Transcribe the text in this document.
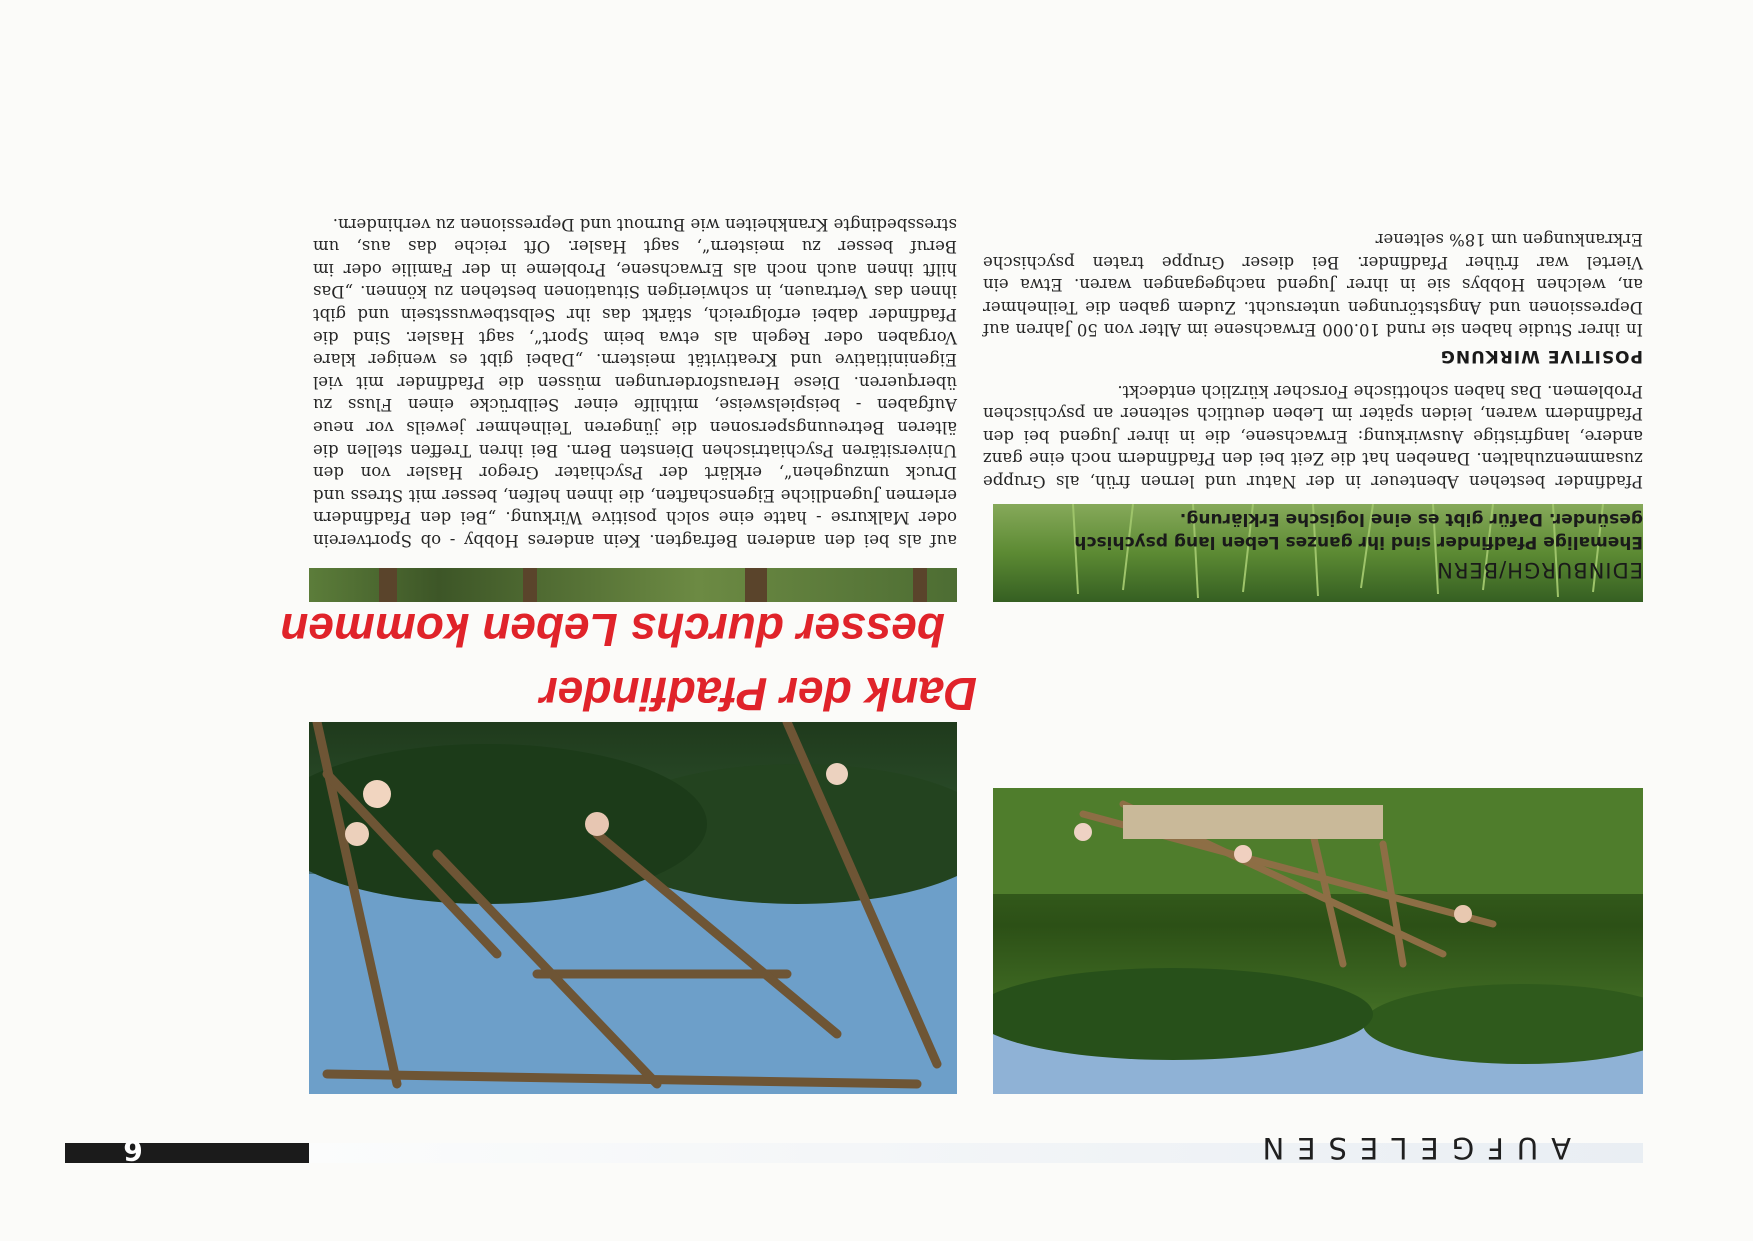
AUFGELESEN
6
Dank der Pfadfinder
besser durchs Leben kommen
EDINBURGH/BERN
Ehemalige Pfadfinder sind ihr ganzes Leben lang psychisch gesünder. Dafür gibt es eine logische Erklärung.

Pfadfinder bestehen Abenteuer in der Natur und lernen früh, als Gruppe zusammenzuhalten. Daneben hat die Zeit bei den Pfadfindern noch eine ganz andere, langfristige Auswirkung: Erwachsene, die in ihrer Jugend bei den Pfadfindern waren, leiden später im Leben deutlich seltener an psychischen Problemen. Das haben schottische Forscher kürzlich entdeckt.

POSITIVE WIRKUNG

In ihrer Studie haben sie rund 10.000 Erwachsene im Alter von 50 Jahren auf Depressionen und Angststörungen untersucht. Zudem gaben die Teilnehmer an, welchen Hobbys sie in ihrer Jugend nachgegangen waren. Etwa ein Viertel war früher Pfadfinder. Bei dieser Gruppe traten psychische Erkrankungen um 18% seltener

auf als bei den anderen Befragten. Kein anderes Hobby - ob Sportverein oder Malkurse - hatte eine solch positive Wirkung. „Bei den Pfadfindern erlernen Jugendliche Eigenschaften, die ihnen helfen, besser mit Stress und Druck umzugehen“, erklärt der Psychiater Gregor Hasler von den Universitären Psychiatrischen Diensten Bern. Bei ihren Treffen stellen die älteren Betreuungspersonen die jüngeren Teilnehmer jeweils vor neue Aufgaben - beispielsweise, mithilfe einer Seilbrücke einen Fluss zu überqueren. Diese Herausforderungen müssen die Pfadfinder mit viel Eigeninitiative und Kreativität meistern. „Dabei gibt es weniger klare Vorgaben oder Regeln als etwa beim Sport“, sagt Hasler. Sind die Pfadfinder dabei erfolgreich, stärkt das ihr Selbstbewusstsein und gibt ihnen das Vertrauen, in schwierigen Situationen bestehen zu können. „Das hilft ihnen auch noch als Erwachsene, Probleme in der Familie oder im Beruf besser zu meistern“, sagt Hasler. Oft reiche das aus, um stressbedingte Krankheiten wie Burnout und Depressionen zu verhindern.
